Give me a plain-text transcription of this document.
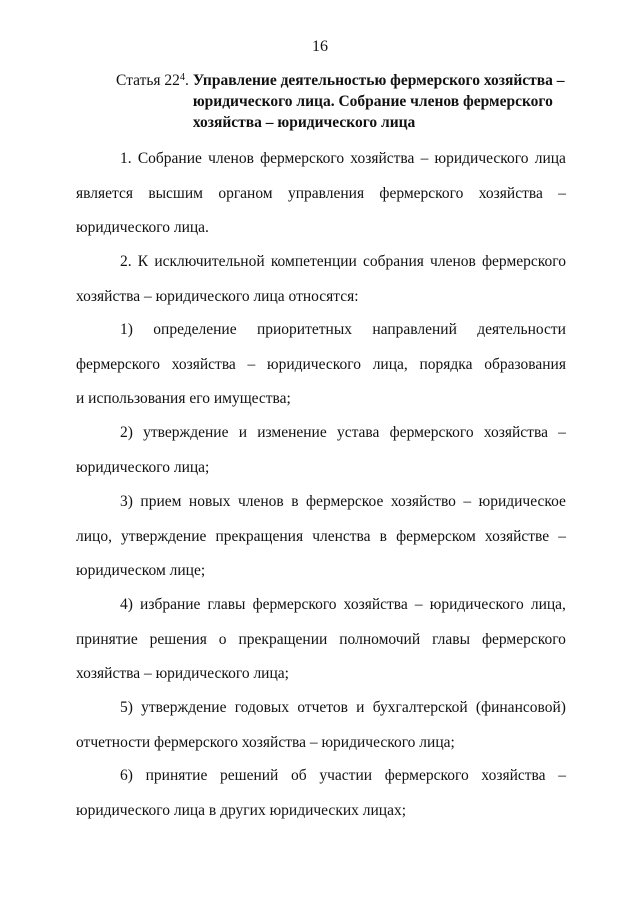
16
Статья $22^4$. Управление деятельностью фермерского хозяйства –
юридического лица. Собрание членов фермерского
хозяйства – юридического лица
1. Собрание членов фермерского хозяйства – юридического лица
является высшим органом управления фермерского хозяйства –
юридического лица.
2. К исключительной компетенции собрания членов фермерского
хозяйства – юридического лица относятся:
1) определение приоритетных направлений деятельности
фермерского хозяйства – юридического лица, порядка образования
и использования его имущества;
2) утверждение и изменение устава фермерского хозяйства –
юридического лица;
3) прием новых членов в фермерское хозяйство – юридическое
лицо, утверждение прекращения членства в фермерском хозяйстве –
юридическом лице;
4) избрание главы фермерского хозяйства – юридического лица,
принятие решения о прекращении полномочий главы фермерского
хозяйства – юридического лица;
5) утверждение годовых отчетов и бухгалтерской (финансовой)
отчетности фермерского хозяйства – юридического лица;
6) принятие решений об участии фермерского хозяйства –
юридического лица в других юридических лицах;
